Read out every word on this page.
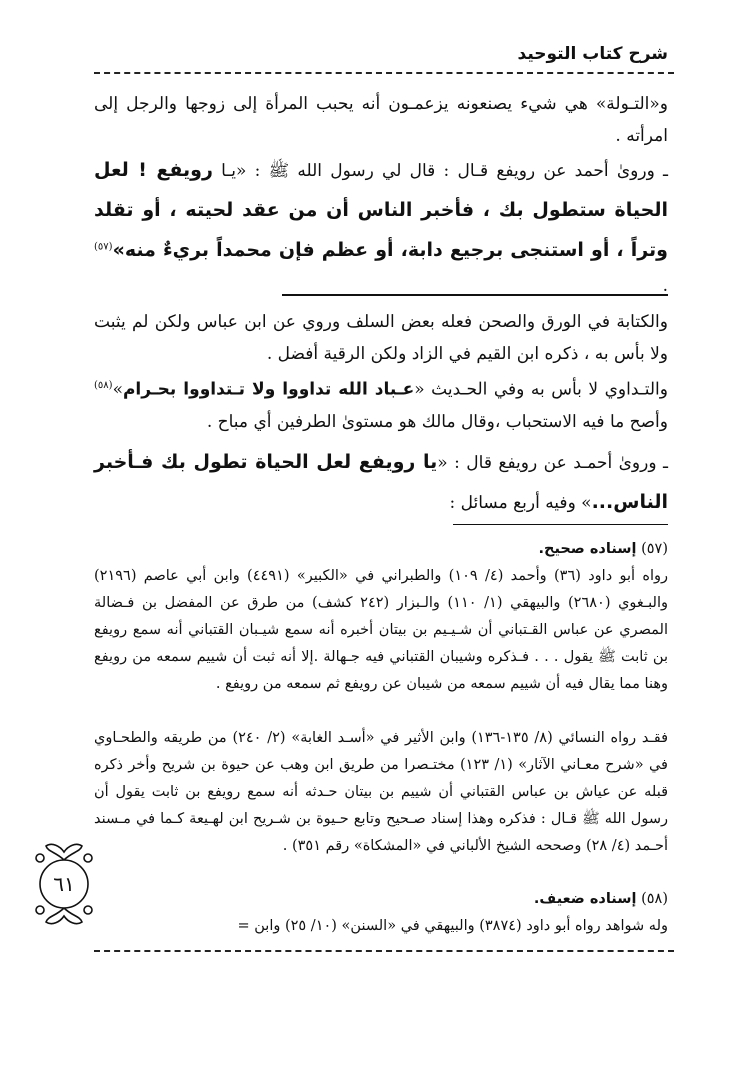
شرح كتاب التوحيد
و«التـولة» هي شيء يصنعونه يزعمـون أنه يحبب المرأة إلى زوجها والرجل إلى امرأته .
ـ ورویٰ أحمد عن رويفع قـال : قال لي رسول الله ﷺ : «يـا رويفع ! لعل الحياة ستطول بك ، فأخبر الناس أن من عقد لحيته ، أو تقلد وتراً ، أو استنجى برجيع دابة، أو عظم فإن محمداً بريءٌ منه»$^{(٥٧)}$ .
والكتابة في الورق والصحن فعله بعض السلف وروي عن ابن عباس ولكن لم يثبت ولا بأس به ، ذكره ابن القيم في الزاد ولكن الرقية أفضل .
والتـداوي لا بأس به وفي الحـديث «عـباد الله تداووا ولا تـتداووا بحـرام»$^{(٥٨)}$ وأصح ما فيه الاستحباب ،وقال مالك هو مستوىٰ الطرفين أي مباح .
ـ ورویٰ أحمـد عن رويفع قال : «يا رويفع لعل الحياة تطول بك فـأخبر الناس...» وفيه أربع مسائل :
(٥٧) إسناده صحيح.
رواه أبو داود (٣٦) وأحمد (٤/ ١٠٩) والطبراني في «الكبير» (٤٤٩١) وابن أبي عاصم (٢١٩٦) والبـغوي (٢٦٨٠) والبيهقي (١/ ١١٠) والـبزار (٢٤٢ كشف) من طرق عن المفضل بن فـضالة المصري عن عباس القـتباني أن شـيـيم بن بيتان أخبره أنه سمع شيـبان القتباني أنه سمع رويفع بن ثابت ﷺ يقول . . . فـذكره وشيبان القتباني فيه جـهالة .إلا أنه ثبت أن شييم سمعه من رويفع وهنا مما يقال فيه أن شييم سمعه من شيبان عن رويفع ثم سمعه من رويفع .
فقـد رواه النسائي (٨/ ١٣٥-١٣٦) وابن الأثير في «أسـد الغابة» (٢/ ٢٤٠) من طريقه والطحـاوي في «شرح معـاني الآثار» (١/ ١٢٣) مختـصرا من طريق ابن وهب عن حيوة بن شريح وأخر ذكره قبله عن عياش بن عباس القتباني أن شييم بن بيتان حـدثه أنه سمع رويفع بن ثابت يقول أن رسول الله ﷺ قـال : فذكره وهذا إسناد صـحيح وتابع حـيوة بن شـريح ابن لهـيعة كـما في مـسند أحـمد (٤/ ٢٨) وصححه الشيخ الألباني في «المشكاة» رقم ٣٥١) .
(٥٨) إسناده ضعيف.
وله شواهد رواه أبو داود (٣٨٧٤) والبيهقي في «السنن» (١٠/ ٢٥) وابن =
٦١
